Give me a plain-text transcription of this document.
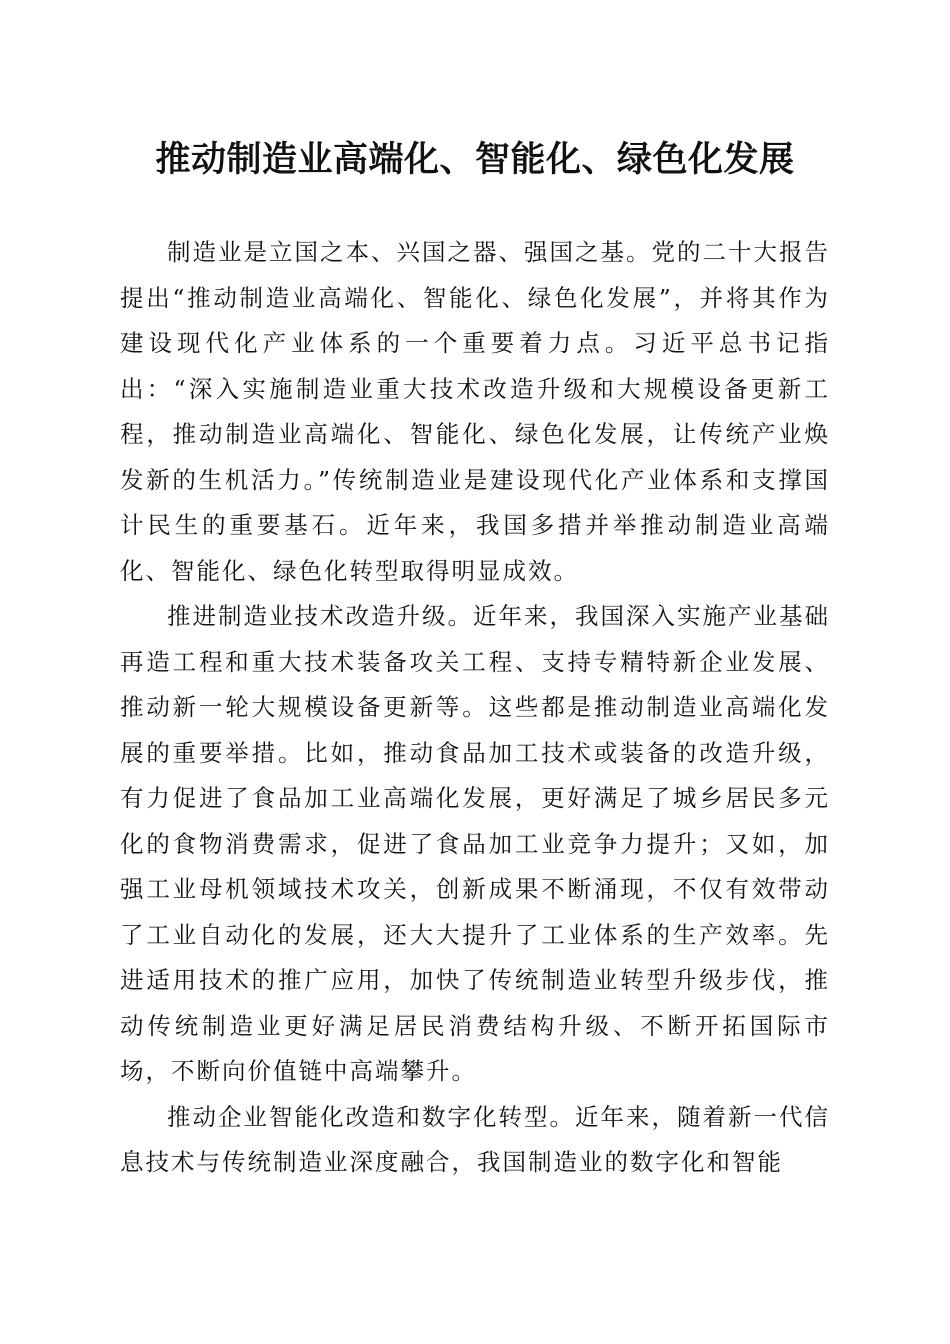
推动制造业高端化、智能化、绿色化发展

制造业是立国之本、兴国之器、强国之基。党的二十大报告提出“推动制造业高端化、智能化、绿色化发展”，并将其作为建设现代化产业体系的一个重要着力点。习近平总书记指出：“深入实施制造业重大技术改造升级和大规模设备更新工程，推动制造业高端化、智能化、绿色化发展，让传统产业焕发新的生机活力。”传统制造业是建设现代化产业体系和支撑国计民生的重要基石。近年来，我国多措并举推动制造业高端化、智能化、绿色化转型取得明显成效。

推进制造业技术改造升级。近年来，我国深入实施产业基础再造工程和重大技术装备攻关工程、支持专精特新企业发展、推动新一轮大规模设备更新等。这些都是推动制造业高端化发展的重要举措。比如，推动食品加工技术或装备的改造升级，有力促进了食品加工业高端化发展，更好满足了城乡居民多元化的食物消费需求，促进了食品加工业竞争力提升；又如，加强工业母机领域技术攻关，创新成果不断涌现，不仅有效带动了工业自动化的发展，还大大提升了工业体系的生产效率。先进适用技术的推广应用，加快了传统制造业转型升级步伐，推动传统制造业更好满足居民消费结构升级、不断开拓国际市场，不断向价值链中高端攀升。

推动企业智能化改造和数字化转型。近年来，随着新一代信息技术与传统制造业深度融合，我国制造业的数字化和智能
